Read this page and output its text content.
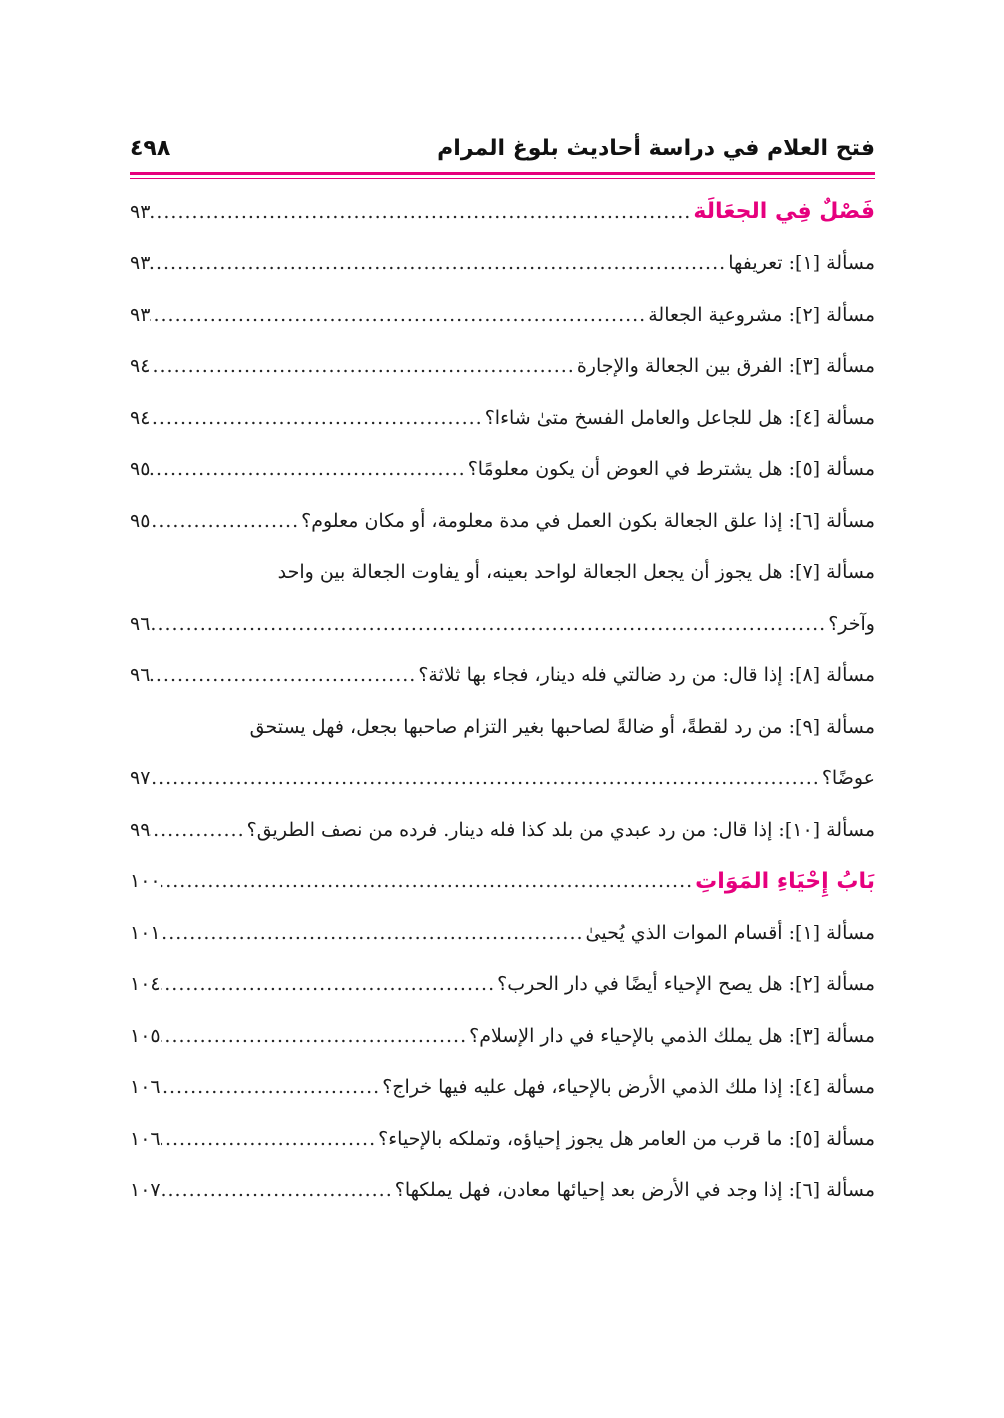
فتح العلام في دراسة أحاديث بلوغ المرام
٤٩٨
فَصْلٌ فِي الجعَالَة
.....
٩٣
مسألة [١]: تعريفها
.....
٩٣
مسألة [٢]: مشروعية الجعالة
.....
٩٣
مسألة [٣]: الفرق بين الجعالة والإجارة
.....
٩٤
مسألة [٤]: هل للجاعل والعامل الفسخ متىٰ شاءا؟
.....
٩٤
مسألة [٥]: هل يشترط في العوض أن يكون معلومًا؟
.....
٩٥
مسألة [٦]: إذا علق الجعالة بكون العمل في مدة معلومة، أو مكان معلوم؟
.....
٩٥
مسألة [٧]: هل يجوز أن يجعل الجعالة لواحد بعينه، أو يفاوت الجعالة بين واحد
وآخر؟
.....
٩٦
مسألة [٨]: إذا قال: من رد ضالتي فله دينار، فجاء بها ثلاثة؟
.....
٩٦
مسألة [٩]: من رد لقطةً، أو ضالةً لصاحبها بغير التزام صاحبها بجعل، فهل يستحق
عوضًا؟
.....
٩٧
مسألة [١٠]: إذا قال: من رد عبدي من بلد كذا فله دينار. فرده من نصف الطريق؟
.....
٩٩
بَابُ إِحْيَاءِ المَوَاتِ
.....
١٠٠
مسألة [١]: أقسام الموات الذي يُحيىٰ
.....
١٠١
مسألة [٢]: هل يصح الإحياء أيضًا في دار الحرب؟
.....
١٠٤
مسألة [٣]: هل يملك الذمي بالإحياء في دار الإسلام؟
.....
١٠٥
مسألة [٤]: إذا ملك الذمي الأرض بالإحياء، فهل عليه فيها خراج؟
.....
١٠٦
مسألة [٥]: ما قرب من العامر هل يجوز إحياؤه، وتملكه بالإحياء؟
.....
١٠٦
مسألة [٦]: إذا وجد في الأرض بعد إحيائها معادن، فهل يملكها؟
.....
١٠٧
